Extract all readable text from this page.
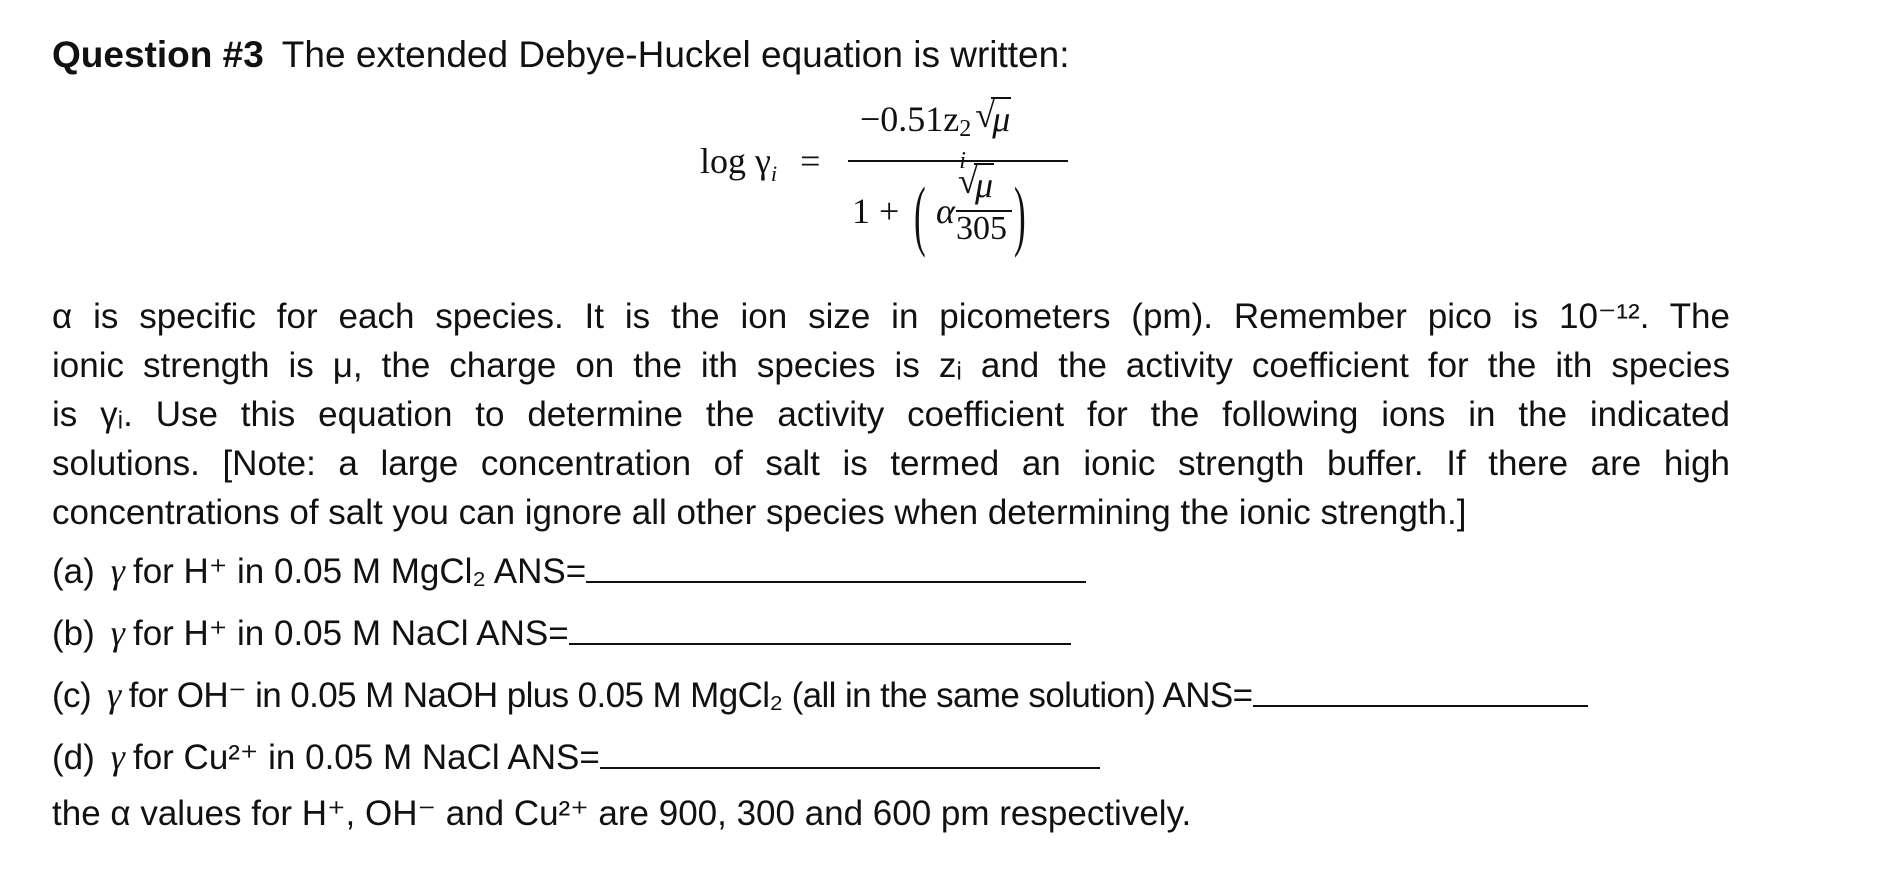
Question #3 The extended Debye-Huckel equation is written:
$\log \gamma_i$ =
−0.51z 2
√ μ
1 + ( α
√ μ
305 )
α is specific for each species. It is the ion size in picometers (pm). Remember pico is 10⁻¹². The
ionic strength is μ, the charge on the ith species is zᵢ and the activity coefficient for the ith species
is γᵢ. Use this equation to determine the activity coefficient for the following ions in the indicated
solutions. [Note: a large concentration of salt is termed an ionic strength buffer. If there are high
concentrations of salt you can ignore all other species when determining the ionic strength.]
(a) γ for H⁺ in 0.05 M MgCl₂ ANS=
(b) γ for H⁺ in 0.05 M NaCl ANS=
(c) γ for OH⁻ in 0.05 M NaOH plus 0.05 M MgCl₂ (all in the same solution) ANS=
(d) γ for Cu²⁺ in 0.05 M NaCl ANS=
the α values for H⁺, OH⁻ and Cu²⁺ are 900, 300 and 600 pm respectively.
